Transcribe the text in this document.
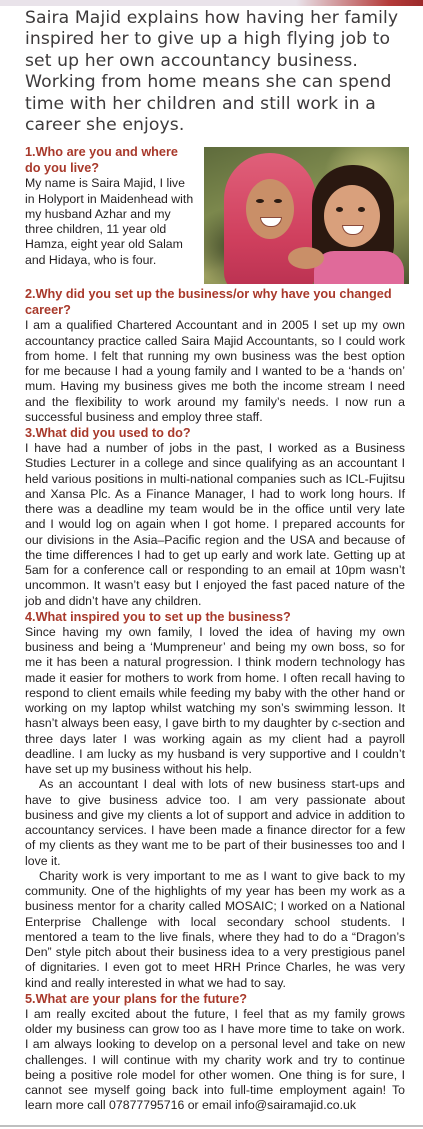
Saira Majid explains how having her family inspired her to give up a high flying job to set up her own accountancy business. Working from home means she can spend time with her children and still work in a career she enjoys.

1.Who are you and where do you live?

My name is Saira Majid, I live in Holyport in Maidenhead with my husband Azhar and my three children, 11 year old Hamza, eight year old Salam and Hidaya, who is four.

2.Why did you set up the business/or why have you changed career?

I am a qualified Chartered Accountant and in 2005 I set up my own accountancy practice called Saira Majid Accountants, so I could work from home. I felt that running my own business was the best option for me because I had a young family and I wanted to be a ‘hands on’ mum. Having my business gives me both the income stream I need and the flexibility to work around my family’s needs. I now run a successful business and employ three staff.

3.What did you used to do?

I have had a number of jobs in the past, I worked as a Business Studies Lecturer in a college and since qualifying as an accountant I held various positions in multi-national companies such as ICL-Fujitsu and Xansa Plc. As a Finance Manager, I had to work long hours. If there was a deadline my team would be in the office until very late and I would log on again when I got home. I prepared accounts for our divisions in the Asia–Pacific region and the USA and because of the time differences I had to get up early and work late. Getting up at 5am for a conference call or responding to an email at 10pm wasn’t uncommon. It wasn’t easy but I enjoyed the fast paced nature of the job and didn’t have any children.

4.What inspired you to set up the business?

Since having my own family, I loved the idea of having my own business and being a ‘Mumpreneur’ and being my own boss, so for me it has been a natural progression. I think modern technology has made it easier for mothers to work from home. I often recall having to respond to client emails while feeding my baby with the other hand or working on my laptop whilst watching my son’s swimming lesson. It hasn’t always been easy, I gave birth to my daughter by c-section and three days later I was working again as my client had a payroll deadline. I am lucky as my husband is very supportive and I couldn’t have set up my business without his help.

As an accountant I deal with lots of new business start-ups and have to give business advice too. I am very passionate about business and give my clients a lot of support and advice in addition to accountancy services. I have been made a finance director for a few of my clients as they want me to be part of their businesses too and I love it.

Charity work is very important to me as I want to give back to my community. One of the highlights of my year has been my work as a business mentor for a charity called MOSAIC; I worked on a National Enterprise Challenge with local secondary school students. I mentored a team to the live finals, where they had to do a “Dragon’s Den” style pitch about their business idea to a very prestigious panel of dignitaries. I even got to meet HRH Prince Charles, he was very kind and really interested in what we had to say.

5.What are your plans for the future?

I am really excited about the future, I feel that as my family grows older my business can grow too as I have more time to take on work. I am always looking to develop on a personal level and take on new challenges. I will continue with my charity work and try to continue being a positive role model for other women. One thing is for sure, I cannot see myself going back into full-time employment again! To learn more call 07877795716 or email info@sairamajid.co.uk
